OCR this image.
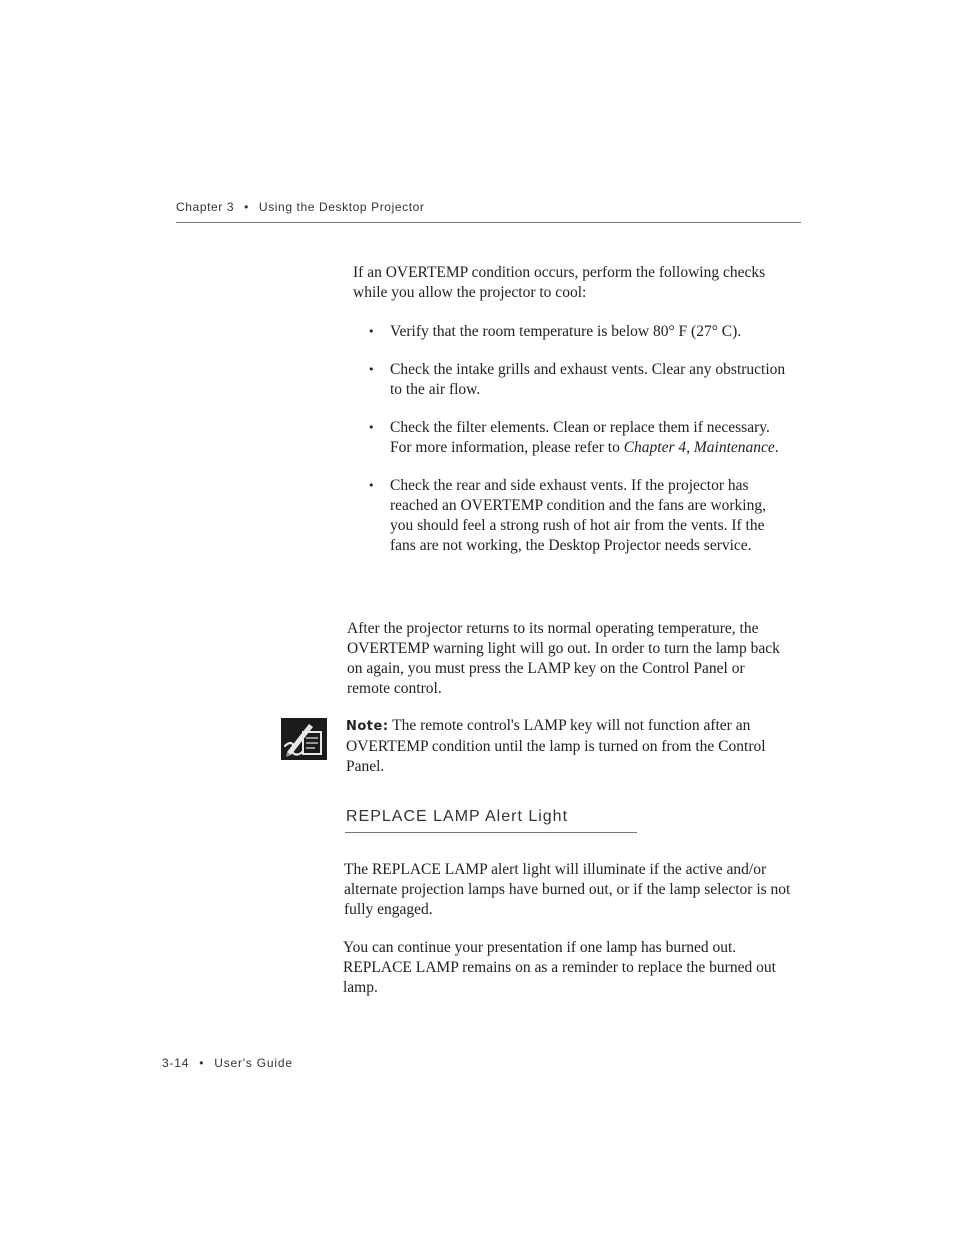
Chapter 3 • Using the Desktop Projector

If an OVERTEMP condition occurs, perform the following checks while you allow the projector to cool:

• Verify that the room temperature is below 80° F (27° C).
• Check the intake grills and exhaust vents. Clear any obstruction to the air flow.
• Check the filter elements. Clean or replace them if necessary. For more information, please refer to Chapter 4, Maintenance.
• Check the rear and side exhaust vents. If the projector has reached an OVERTEMP condition and the fans are working, you should feel a strong rush of hot air from the vents. If the fans are not working, the Desktop Projector needs service.

After the projector returns to its normal operating temperature, the OVERTEMP warning light will go out. In order to turn the lamp back on again, you must press the LAMP key on the Control Panel or remote control.

Note: The remote control's LAMP key will not function after an OVERTEMP condition until the lamp is turned on from the Control Panel.

REPLACE LAMP Alert Light

The REPLACE LAMP alert light will illuminate if the active and/or alternate projection lamps have burned out, or if the lamp selector is not fully engaged.

You can continue your presentation if one lamp has burned out. REPLACE LAMP remains on as a reminder to replace the burned out lamp.

3-14 • User's Guide
